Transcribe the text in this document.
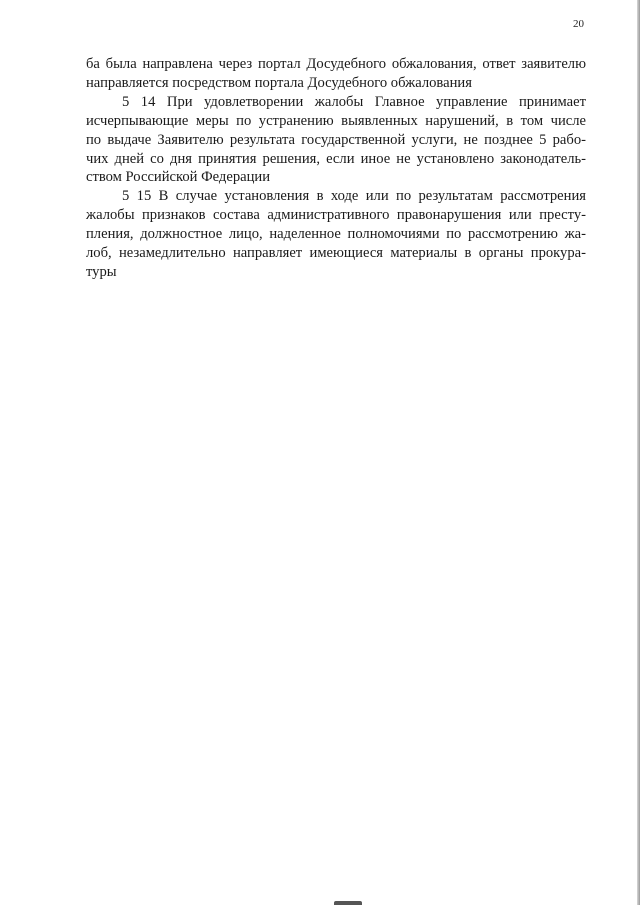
20
ба была направлена через портал Досудебного обжалования, ответ заявителю
направляется посредством портала Досудебного обжалования
5 14 При удовлетворении жалобы Главное управление принимает
исчерпывающие меры по устранению выявленных нарушений, в том числе
по выдаче Заявителю результата государственной услуги, не позднее 5 рабо-
чих дней со дня принятия решения, если иное не установлено законодатель-
ством Российской Федерации
5 15 В случае установления в ходе или по результатам рассмотрения
жалобы признаков состава административного правонарушения или престу-
пления, должностное лицо, наделенное полномочиями по рассмотрению жа-
лоб, незамедлительно направляет имеющиеся материалы в органы прокура-
туры
